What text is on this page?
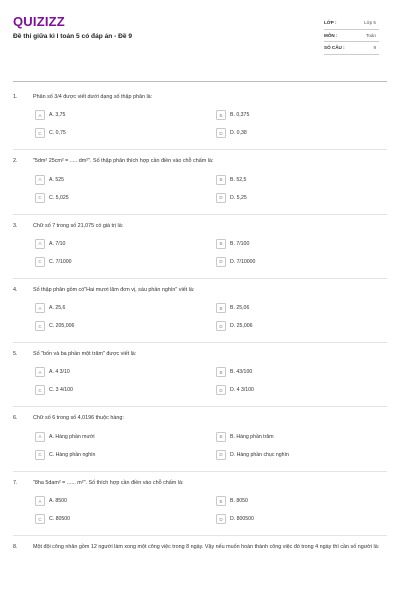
QUIZIZZ
Đề thi giữa kì I toán 5 có đáp án - Đề 9
LỚP :	Lớp 5
MÔN :	Toán
SỐ CÂU :	9
1.	Phân số 3/4 được viết dưới dạng số thập phân là:
A	A. 3,75	B	B. 0,375
C	C. 0,75	D	D. 0,38
2.	"5dm² 25cm² = ..... dm²". Số thập phân thích hợp cần điền vào chỗ chấm là:
A	A. 525	B	B. 52,5
C	C. 5,025	D	D. 5,25
3.	Chữ số 7 trong số 21,075 có giá trị là:
A	A. 7/10	B	B. 7/100
C	C. 7/1000	D	D. 7/10000
4.	Số thập phân gồm có"Hai mươi lăm đơn vị, sáu phần nghìn" viết là:
A	A. 25,6	B	B. 25,06
C	C. 205,006	D	D. 25,006
5.	Số "bốn và ba phần một trăm" được viết là:
A	A. 4 3/10	B	B. 43/100
C	C. 3 4/100	D	D. 4 3/100
6.	Chữ số 6 trong số 4,0196 thuộc hàng:
A	A. Hàng phần mười	B	B. Hàng phần trăm
C	C. Hàng phần nghìn	D	D. Hàng phần chục nghìn
7.	"8ha 5dam² = ...... m²". Số thích hợp cần điền vào chỗ chấm là:
A	A. 8500	B	B. 8050
C	C. 80500	D	D. 800500
8.	Một đội công nhân gồm 12 người làm xong một công việc trong 8 ngày. Vậy nếu muốn hoàn thành công việc đó trong 4 ngày thì cần số người là:
